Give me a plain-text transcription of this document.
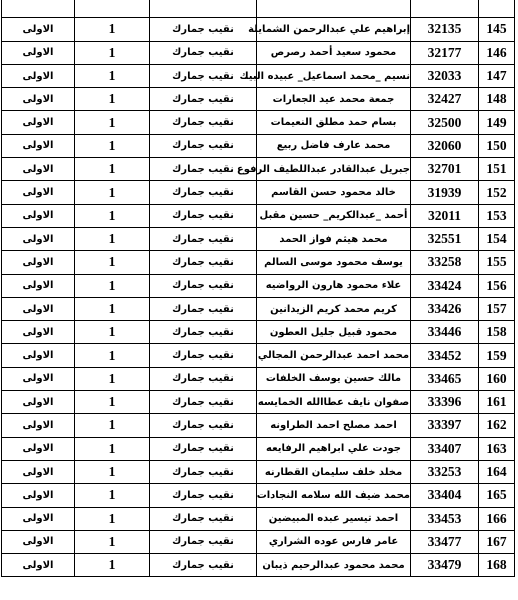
145	32135	إبراهيم علي عبدالرحمن الشمايلة	نقيب جمارك	1	الاولى
146	32177	محمود سعيد أحمد رصرص	نقيب جمارك	1	الاولى
147	32033	نسيم _محمد اسماعيل_ عبيده البيك	نقيب جمارك	1	الاولى
148	32427	جمعة محمد عيد الجعارات	نقيب جمارك	1	الاولى
149	32500	بسام حمد مطلق النعيمات	نقيب جمارك	1	الاولى
150	32060	محمد عارف فاضل ربيع	نقيب جمارك	1	الاولى
151	32701	جبريل عبدالقادر عبداللطيف الرفوع	نقيب جمارك	1	الاولى
152	31939	خالد محمود حسن القاسم	نقيب جمارك	1	الاولى
153	32011	أحمد _عبدالكريم_ حسين مقبل	نقيب جمارك	1	الاولى
154	32551	محمد هيثم فواز الحمد	نقيب جمارك	1	الاولى
155	33258	يوسف محمود موسى السالم	نقيب جمارك	1	الاولى
156	33424	علاء محمود هارون الرواضيه	نقيب جمارك	1	الاولى
157	33426	كريم محمد كريم الزيدانين	نقيب جمارك	1	الاولى
158	33446	محمود قبيل جليل العطون	نقيب جمارك	1	الاولى
159	33452	محمد احمد عبدالرحمن المجالي	نقيب جمارك	1	الاولى
160	33465	مالك حسين يوسف الخلفات	نقيب جمارك	1	الاولى
161	33396	صفوان نايف عطاالله الخمايسه	نقيب جمارك	1	الاولى
162	33397	احمد مصلح احمد الطراونه	نقيب جمارك	1	الاولى
163	33407	جودت علي ابراهيم الرفايعه	نقيب جمارك	1	الاولى
164	33253	مخلد خلف سليمان القطارنه	نقيب جمارك	1	الاولى
165	33404	محمد ضيف الله سلامه النجادات	نقيب جمارك	1	الاولى
166	33453	احمد تيسير عبده المبيضين	نقيب جمارك	1	الاولى
167	33477	عامر فارس عوده الشراري	نقيب جمارك	1	الاولى
168	33479	محمد محمود عبدالرحيم ذيبان	نقيب جمارك	1	الاولى
